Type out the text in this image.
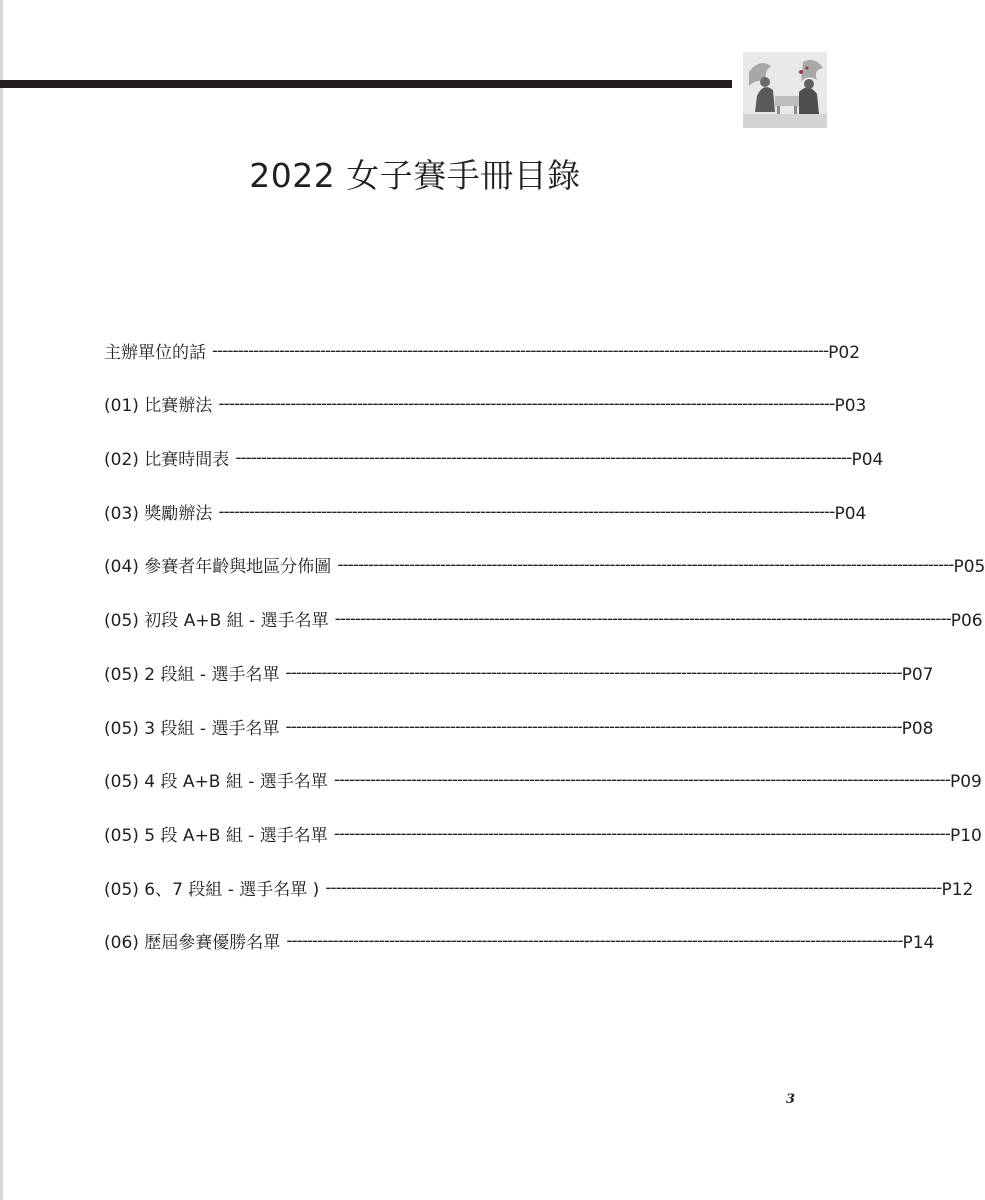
2022 女子賽手冊目錄
主辦單位的話 ------------------------------------------------------------------------------------------------------------------------ P02
(01) 比賽辦法 ------------------------------------------------------------------------------------------------------------------------ P03
(02) 比賽時間表 ------------------------------------------------------------------------------------------------------------------------ P04
(03) 獎勵辦法 ------------------------------------------------------------------------------------------------------------------------ P04
(04) 參賽者年齡與地區分佈圖 ------------------------------------------------------------------------------------------------------------------------ P05
(05) 初段 A+B 組 - 選手名單 ------------------------------------------------------------------------------------------------------------------------ P06
(05) 2 段組 - 選手名單 ------------------------------------------------------------------------------------------------------------------------ P07
(05) 3 段組 - 選手名單 ------------------------------------------------------------------------------------------------------------------------ P08
(05) 4 段 A+B 組 - 選手名單 ------------------------------------------------------------------------------------------------------------------------ P09
(05) 5 段 A+B 組 - 選手名單 ------------------------------------------------------------------------------------------------------------------------ P10
(05) 6、7 段組 - 選手名單 ) ------------------------------------------------------------------------------------------------------------------------ P12
(06) 歷屆參賽優勝名單 ------------------------------------------------------------------------------------------------------------------------ P14
3
